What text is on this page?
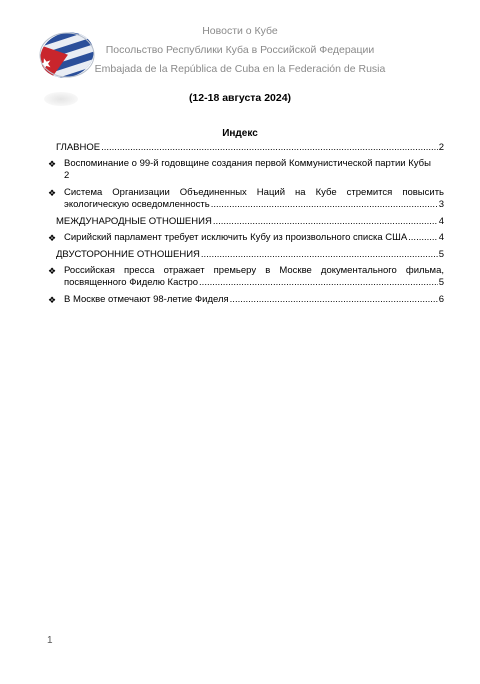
Новости о Кубе
Посольство Республики Куба в Российской Федерации
Embajada de la República de Cuba en la Federación de Rusia
(12-18 августа 2024)
Индекс
ГЛАВНОЕ .....	2
❖ Воспоминание о 99-й годовщине создания первой Коммунистической партии Кубы
2
❖ Система Организации Объединенных Наций на Кубе стремится повысить
экологическую осведомленность .....	3
МЕЖДУНАРОДНЫЕ ОТНОШЕНИЯ .....	4
❖ Сирийский парламент требует исключить Кубу из произвольного списка США .....	4
ДВУСТОРОННИЕ ОТНОШЕНИЯ .....	5
❖ Российская пресса отражает премьеру в Москве документального фильма,
посвященного Фиделю Кастро .....	5
❖ В Москве отмечают 98-летие Фиделя .....	6
1
